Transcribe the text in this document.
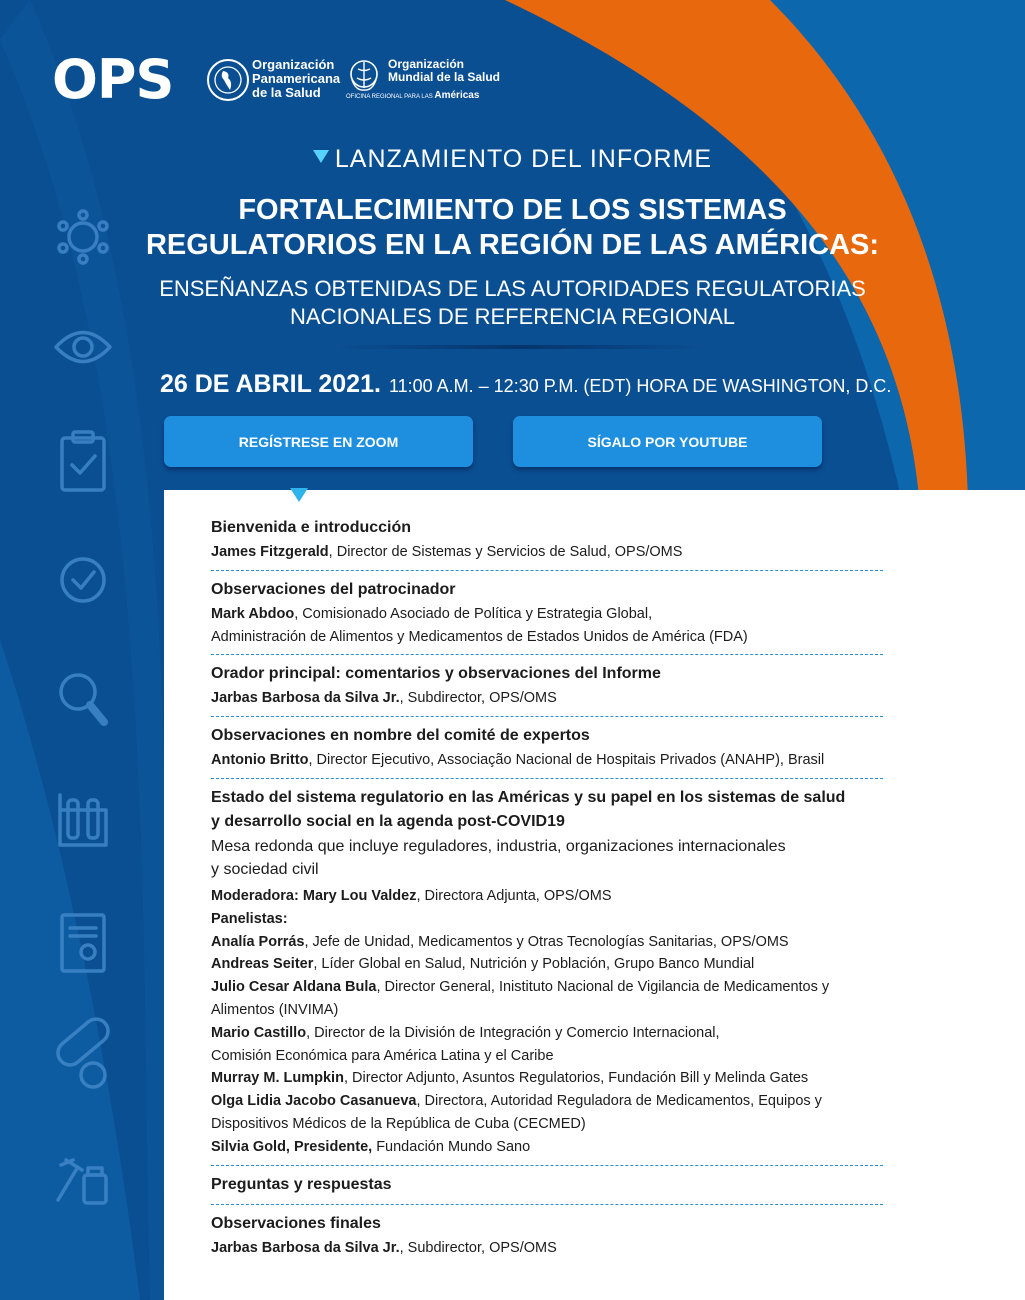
OPS	Organización
Panamericana
de la Salud
Organización
Mundial de la Salud
OFICINA REGIONAL PARA LAS Américas
LANZAMIENTO DEL INFORME
FORTALECIMIENTO DE LOS SISTEMAS
REGULATORIOS EN LA REGIÓN DE LAS AMÉRICAS:
ENSEÑANZAS OBTENIDAS DE LAS AUTORIDADES REGULATORIAS
NACIONALES DE REFERENCIA REGIONAL
26 DE ABRIL 2021. 11:00 A.M. – 12:30 P.M. (EDT) HORA DE WASHINGTON, D.C.
REGÍSTRESE EN ZOOM	SÍGALO POR YOUTUBE
Bienvenida e introducción
James Fitzgerald, Director de Sistemas y Servicios de Salud, OPS/OMS
Observaciones del patrocinador
Mark Abdoo, Comisionado Asociado de Política y Estrategia Global,
Administración de Alimentos y Medicamentos de Estados Unidos de América (FDA)
Orador principal: comentarios y observaciones del Informe
Jarbas Barbosa da Silva Jr., Subdirector, OPS/OMS
Observaciones en nombre del comité de expertos
Antonio Britto, Director Ejecutivo, Associação Nacional de Hospitais Privados (ANAHP), Brasil
Estado del sistema regulatorio en las Américas y su papel en los sistemas de salud
y desarrollo social en la agenda post-COVID19
Mesa redonda que incluye reguladores, industria, organizaciones internacionales
y sociedad civil
Moderadora: Mary Lou Valdez, Directora Adjunta, OPS/OMS
Panelistas:
Analía Porrás, Jefe de Unidad, Medicamentos y Otras Tecnologías Sanitarias, OPS/OMS
Andreas Seiter, Líder Global en Salud, Nutrición y Población, Grupo Banco Mundial
Julio Cesar Aldana Bula, Director General, Inistituto Nacional de Vigilancia de Medicamentos y
Alimentos (INVIMA)
Mario Castillo, Director de la División de Integración y Comercio Internacional,
Comisión Económica para América Latina y el Caribe
Murray M. Lumpkin, Director Adjunto, Asuntos Regulatorios, Fundación Bill y Melinda Gates
Olga Lidia Jacobo Casanueva, Directora, Autoridad Reguladora de Medicamentos, Equipos y
Dispositivos Médicos de la República de Cuba (CECMED)
Silvia Gold, Presidente, Fundación Mundo Sano
Preguntas y respuestas
Observaciones finales
Jarbas Barbosa da Silva Jr., Subdirector, OPS/OMS
